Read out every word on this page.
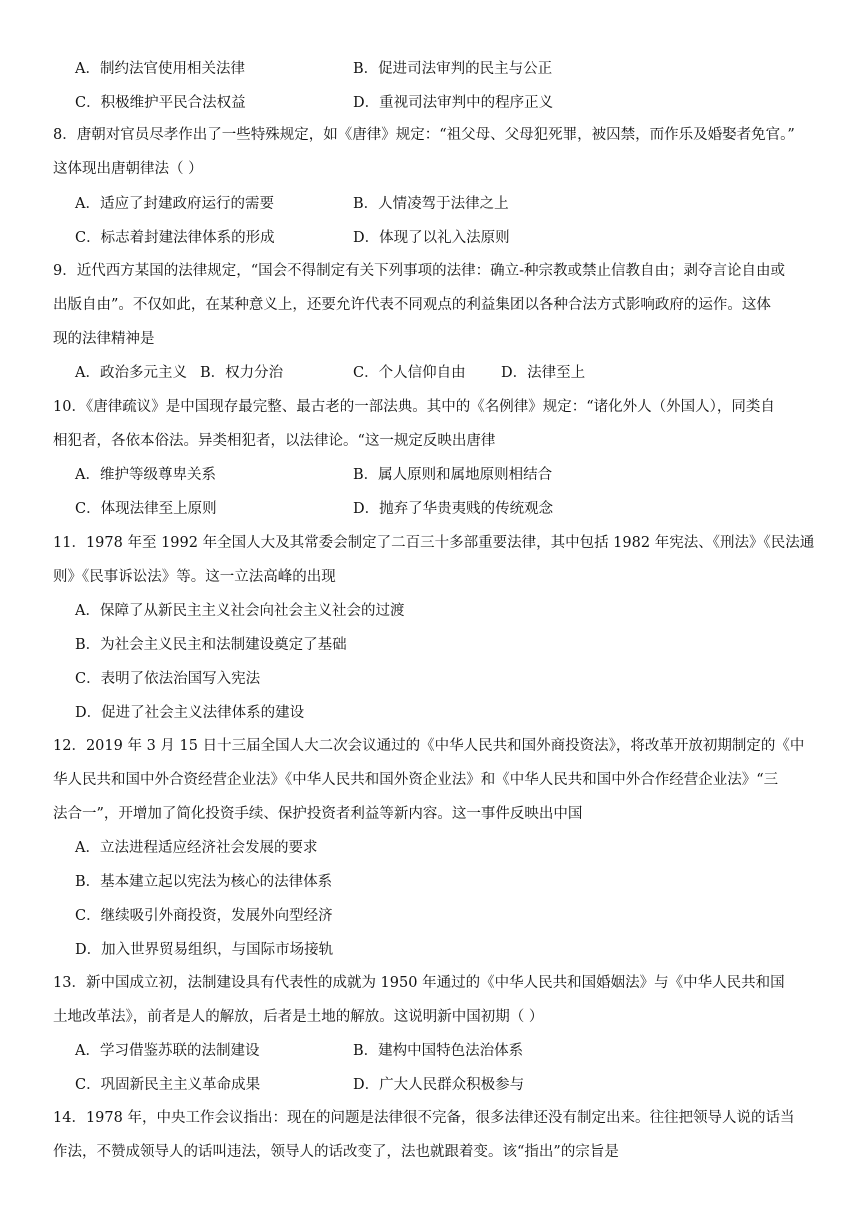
A．制约法官使用相关法律	B．促进司法审判的民主与公正
C．积极维护平民合法权益	D．重视司法审判中的程序正义
8．唐朝对官员尽孝作出了一些特殊规定，如《唐律》规定：“祖父母、父母犯死罪，被囚禁，而作乐及婚娶者免官。”
这体现出唐朝律法（ ）
A．适应了封建政府运行的需要	B．人情凌驾于法律之上
C．标志着封建法律体系的形成	D．体现了以礼入法原则
9．近代西方某国的法律规定，“国会不得制定有关下列事项的法律：确立-种宗教或禁止信教自由；剥夺言论自由或
出版自由”。不仅如此，在某种意义上，还要允许代表不同观点的利益集团以各种合法方式影响政府的运作。这体
现的法律精神是
A．政治多元主义 B．权力分治	C．个人信仰自由 D．法律至上
10．《唐律疏议》是中国现存最完整、最古老的一部法典。其中的《名例律》规定：“诸化外人（外国人），同类自
相犯者，各依本俗法。异类相犯者，以法律论。“这一规定反映出唐律
A．维护等级尊卑关系	B．属人原则和属地原则相结合
C．体现法律至上原则	D．抛弃了华贵夷贱的传统观念
11．1978 年至 1992 年全国人大及其常委会制定了二百三十多部重要法律，其中包括 1982 年宪法、《刑法》《民法通
则》《民事诉讼法》等。这一立法高峰的出现
A．保障了从新民主主义社会向社会主义社会的过渡
B．为社会主义民主和法制建设奠定了基础
C．表明了依法治国写入宪法
D．促进了社会主义法律体系的建设
12．2019 年 3 月 15 日十三届全国人大二次会议通过的《中华人民共和国外商投资法》，将改革开放初期制定的《中
华人民共和国中外合资经营企业法》《中华人民共和国外资企业法》和《中华人民共和国中外合作经营企业法》“三
法合一”，开增加了简化投资手续、保护投资者利益等新内容。这一事件反映出中国
A．立法进程适应经济社会发展的要求
B．基本建立起以宪法为核心的法律体系
C．继续吸引外商投资，发展外向型经济
D．加入世界贸易组织，与国际市场接轨
13．新中国成立初，法制建设具有代表性的成就为 1950 年通过的《中华人民共和国婚姻法》与《中华人民共和国
土地改革法》，前者是人的解放，后者是土地的解放。这说明新中国初期（ ）
A．学习借鉴苏联的法制建设	B．建构中国特色法治体系
C．巩固新民主主义革命成果	D．广大人民群众积极参与
14．1978 年，中央工作会议指出：现在的问题是法律很不完备，很多法律还没有制定出来。往往把领导人说的话当
作法，不赞成领导人的话叫违法，领导人的话改变了，法也就跟着变。该“指出”的宗旨是
